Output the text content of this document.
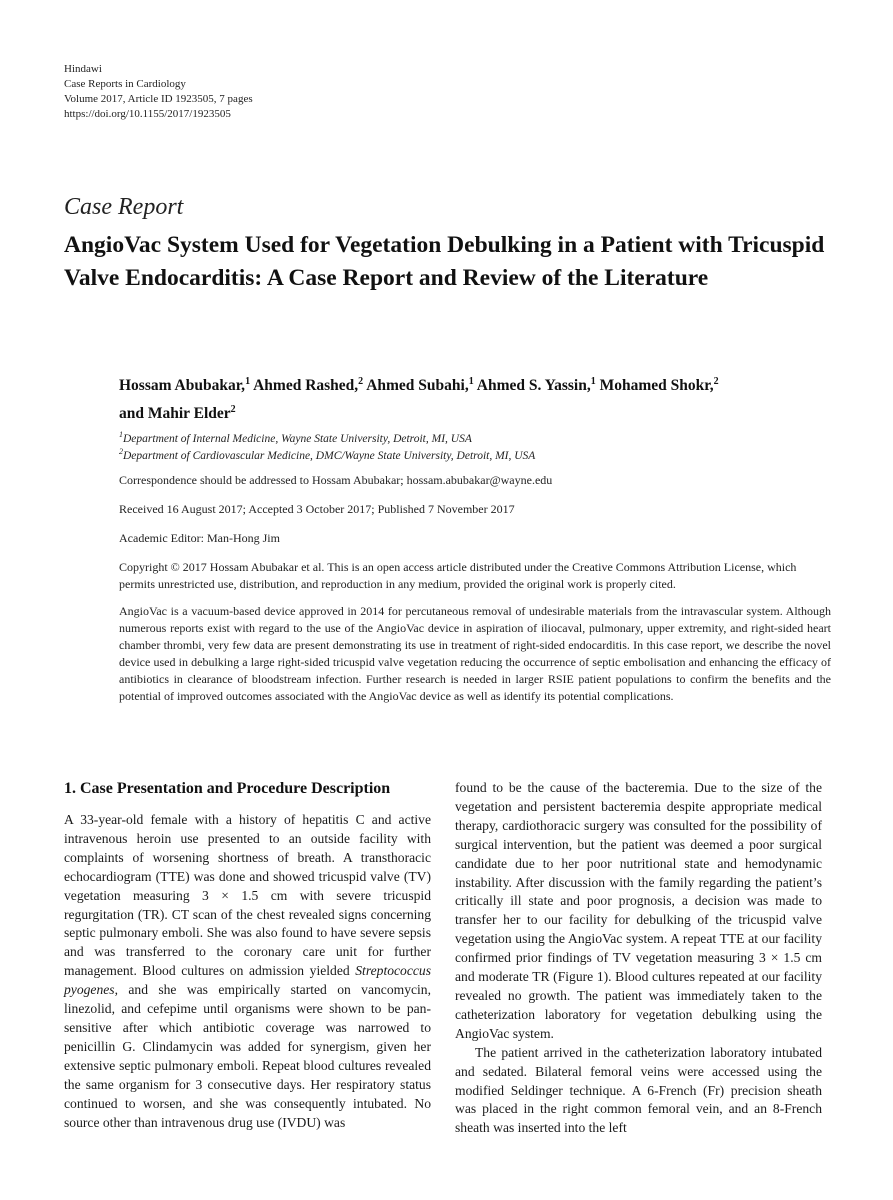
Hindawi
Case Reports in Cardiology
Volume 2017, Article ID 1923505, 7 pages
https://doi.org/10.1155/2017/1923505
Case Report
AngioVac System Used for Vegetation Debulking in a Patient with Tricuspid Valve Endocarditis: A Case Report and Review of the Literature
Hossam Abubakar,$^1$ Ahmed Rashed,$^2$ Ahmed Subahi,$^1$ Ahmed S. Yassin,$^1$ Mohamed Shokr,$^2$
and Mahir Elder$^2$
$^1$Department of Internal Medicine, Wayne State University, Detroit, MI, USA
$^2$Department of Cardiovascular Medicine, DMC/Wayne State University, Detroit, MI, USA
Correspondence should be addressed to Hossam Abubakar; hossam.abubakar@wayne.edu
Received 16 August 2017; Accepted 3 October 2017; Published 7 November 2017
Academic Editor: Man-Hong Jim
Copyright © 2017 Hossam Abubakar et al. This is an open access article distributed under the Creative Commons Attribution License, which permits unrestricted use, distribution, and reproduction in any medium, provided the original work is properly cited.
AngioVac is a vacuum-based device approved in 2014 for percutaneous removal of undesirable materials from the intravascular system. Although numerous reports exist with regard to the use of the AngioVac device in aspiration of iliocaval, pulmonary, upper extremity, and right-sided heart chamber thrombi, very few data are present demonstrating its use in treatment of right-sided endocarditis. In this case report, we describe the novel device used in debulking a large right-sided tricuspid valve vegetation reducing the occurrence of septic embolisation and enhancing the efficacy of antibiotics in clearance of bloodstream infection. Further research is needed in larger RSIE patient populations to confirm the benefits and the potential of improved outcomes associated with the AngioVac device as well as identify its potential complications.
1. Case Presentation and Procedure Description

A 33-year-old female with a history of hepatitis C and active intravenous heroin use presented to an outside facility with complaints of worsening shortness of breath. A transthoracic echocardiogram (TTE) was done and showed tricuspid valve (TV) vegetation measuring 3 × 1.5 cm with severe tricuspid regurgitation (TR). CT scan of the chest revealed signs concerning septic pulmonary emboli. She was also found to have severe sepsis and was transferred to the coronary care unit for further management. Blood cultures on admission yielded Streptococcus pyogenes, and she was empirically started on vancomycin, linezolid, and cefepime until organisms were shown to be pan-sensitive after which antibiotic coverage was narrowed to penicillin G. Clindamycin was added for synergism, given her extensive septic pulmonary emboli. Repeat blood cultures revealed the same organism for 3 consecutive days. Her respiratory status continued to worsen, and she was consequently intubated. No source other than intravenous drug use (IVDU) was

found to be the cause of the bacteremia. Due to the size of the vegetation and persistent bacteremia despite appropriate medical therapy, cardiothoracic surgery was consulted for the possibility of surgical intervention, but the patient was deemed a poor surgical candidate due to her poor nutritional state and hemodynamic instability. After discussion with the family regarding the patient’s critically ill state and poor prognosis, a decision was made to transfer her to our facility for debulking of the tricuspid valve vegetation using the AngioVac system. A repeat TTE at our facility confirmed prior findings of TV vegetation measuring 3 × 1.5 cm and moderate TR (Figure 1). Blood cultures repeated at our facility revealed no growth. The patient was immediately taken to the catheterization laboratory for vegetation debulking using the AngioVac system.

The patient arrived in the catheterization laboratory intubated and sedated. Bilateral femoral veins were accessed using the modified Seldinger technique. A 6-French (Fr) precision sheath was placed in the right common femoral vein, and an 8-French sheath was inserted into the left
